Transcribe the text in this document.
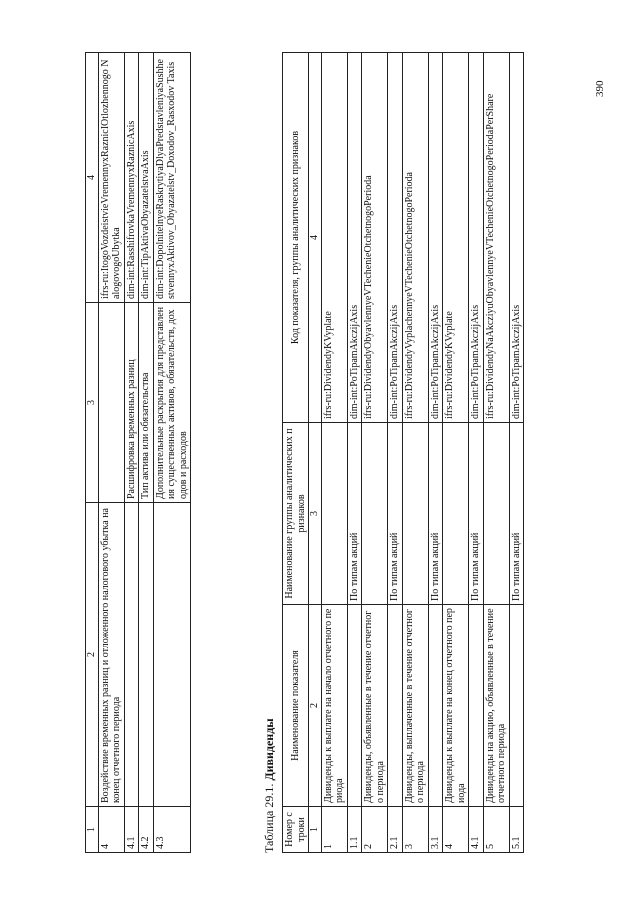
1	2	3	4
4	Воздействие временных разниц и отложенного налогового убытка на конец отчетного периода		ifrs-ru:ItogoVozdeistvieVremennyxRaznicIOtlozhennogo NalogovogoUbytka
4.1		Расшифровка временных разниц	dim-int:RasshifrovkaVremennyxRaznicAxis
4.2		Тип актива или обязательства	dim-int:TipAktivaObyazatelstvaAxis
4.3		Дополнительные раскрытия для представления существенных активов, обязательств, доходов и расходов	dim-int:DopolnitelnyeRaskrytiyaDlyaPredstavleniyaSushhestvennyxAktivov_Obyazatelstv_Doxodov_Rasxodov Taxis
Таблица 29.1. Дивиденды
Номер строки	Наименование показателя	Наименование группы аналитических признаков	Код показателя, группы аналитических признаков
1	2	3	4
1	Дивиденды к выплате на начало отчетного периода		ifrs-ru:DividendyKVyplate
1.1		По типам акций	dim-int:PoTipamAkczijAxis
2	Дивиденды, объявленные в течение отчетного периода		ifrs-ru:DividendyObyavlennyeVTechenieOtchetnogoPerioda
2.1		По типам акций	dim-int:PoTipamAkczijAxis
3	Дивиденды, выплаченные в течение отчетного периода		ifrs-ru:DividendyVyplachennyeVTechenieOtchetnogoPerioda
3.1		По типам акций	dim-int:PoTipamAkczijAxis
4	Дивиденды к выплате на конец отчетного периода		ifrs-ru:DividendyKVyplate
4.1		По типам акций	dim-int:PoTipamAkczijAxis
5	Дивиденды на акцию, объявленные в течение отчетного периода		ifrs-ru:DividendyNaAkcziyuObyavlennyeVTechenieOtchetnogoPeriodaPerShare
5.1		По типам акций	dim-int:PoTipamAkczijAxis
390
